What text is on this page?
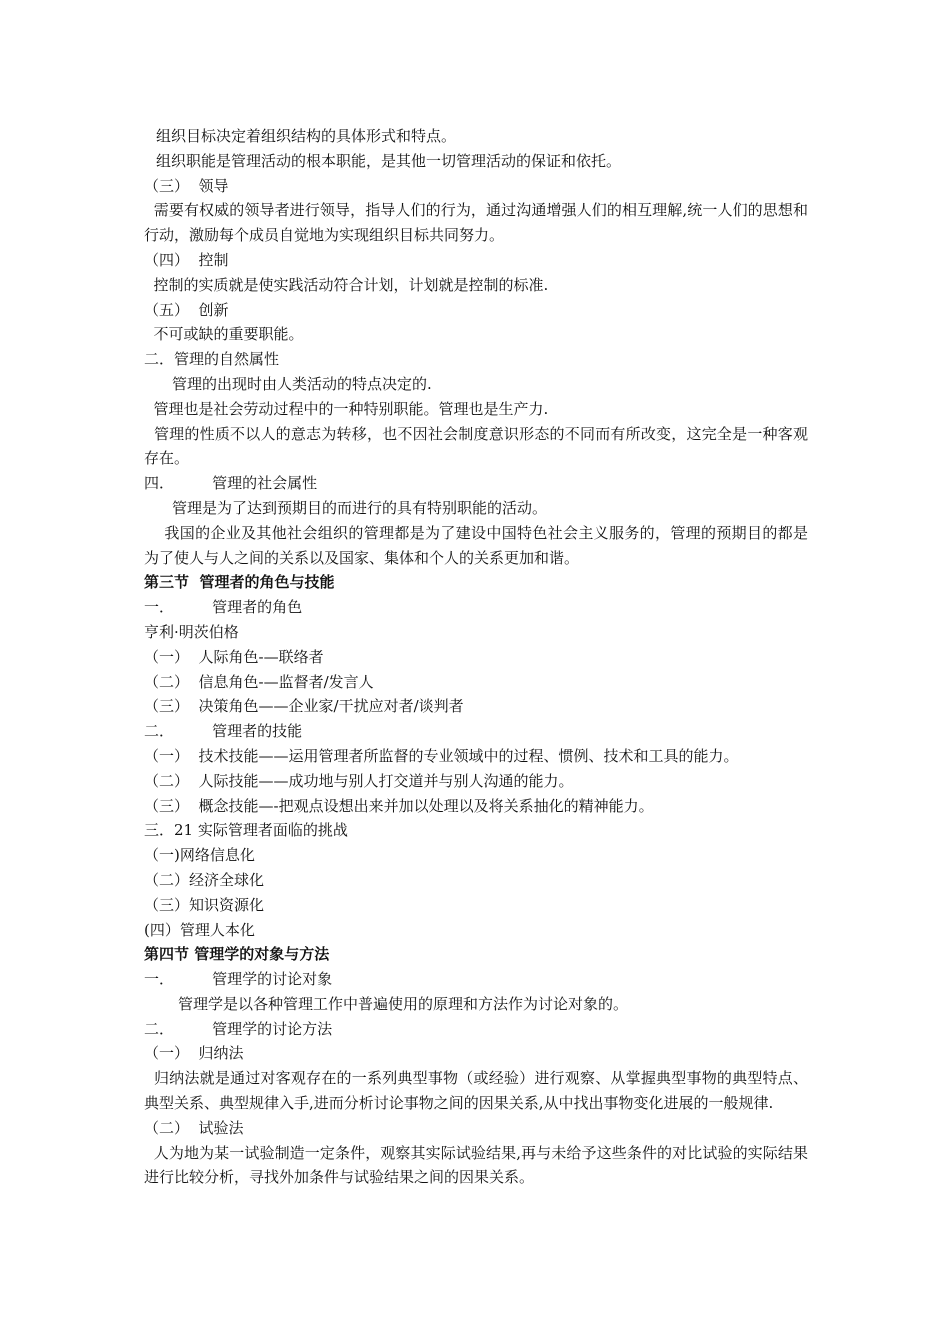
组织目标决定着组织结构的具体形式和特点。
组织职能是管理活动的根本职能，是其他一切管理活动的保证和依托。
（三）  领导
需要有权威的领导者进行领导，指导人们的行为，通过沟通增强人们的相互理解,统一人们的思想和行动，激励每个成员自觉地为实现组织目标共同努力。
（四）  控制
控制的实质就是使实践活动符合计划，计划就是控制的标准.
（五）  创新
不可或缺的重要职能。
二．管理的自然属性
管理的出现时由人类活动的特点决定的.
管理也是社会劳动过程中的一种特别职能。管理也是生产力.
管理的性质不以人的意志为转移，也不因社会制度意识形态的不同而有所改变，这完全是一种客观存在。
四．        管理的社会属性
管理是为了达到预期目的而进行的具有特别职能的活动。
我国的企业及其他社会组织的管理都是为了建设中国特色社会主义服务的，管理的预期目的都是为了使人与人之间的关系以及国家、集体和个人的关系更加和谐。
第三节  管理者的角色与技能
一．        管理者的角色
亨利·明茨伯格
（一）  人际角色-—联络者
（二）  信息角色-—监督者/发言人
（三）  决策角色——企业家/干扰应对者/谈判者
二．        管理者的技能
（一）  技术技能——运用管理者所监督的专业领域中的过程、惯例、技术和工具的能力。
（二）  人际技能——成功地与别人打交道并与别人沟通的能力。
（三）  概念技能—-把观点设想出来并加以处理以及将关系抽化的精神能力。
三．21 实际管理者面临的挑战
（一)网络信息化
（二）经济全球化
（三）知识资源化
(四）管理人本化
第四节 管理学的对象与方法
一．        管理学的讨论对象
管理学是以各种管理工作中普遍使用的原理和方法作为讨论对象的。
二．        管理学的讨论方法
（一）  归纳法
归纳法就是通过对客观存在的一系列典型事物（或经验）进行观察、从掌握典型事物的典型特点、典型关系、典型规律入手,进而分析讨论事物之间的因果关系,从中找出事物变化进展的一般规律.
（二）  试验法
人为地为某一试验制造一定条件，观察其实际试验结果,再与未给予这些条件的对比试验的实际结果进行比较分析，寻找外加条件与试验结果之间的因果关系。
